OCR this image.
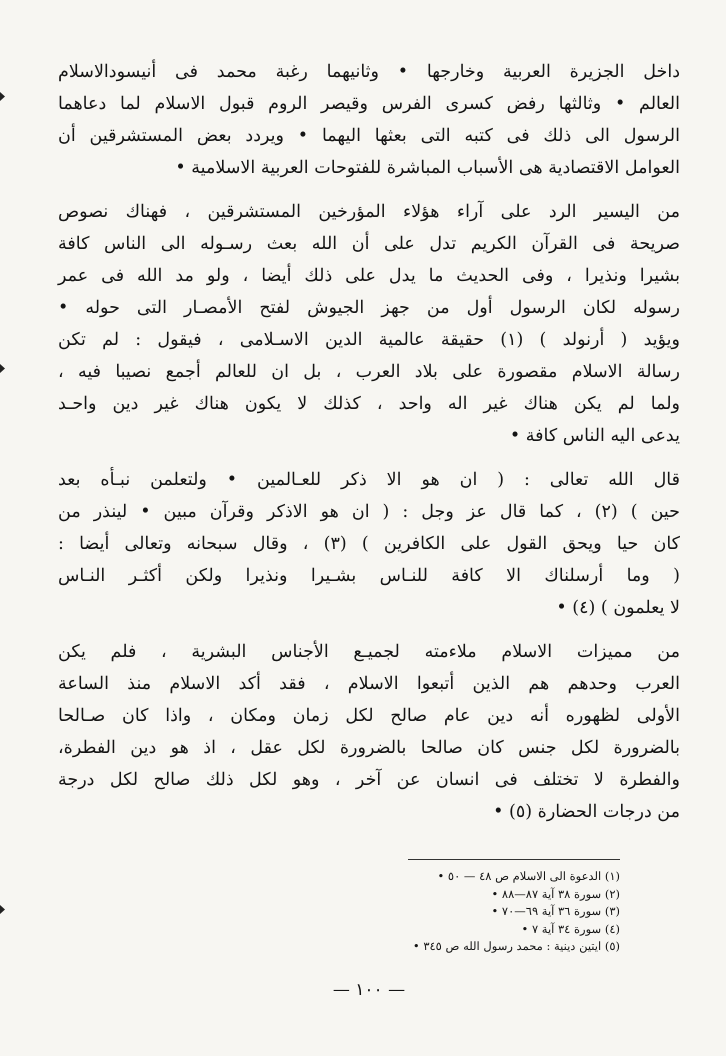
داخل الجزيرة العربية وخارجها • وثانيهما رغبة محمد فى أنيسودالاسلام
العالم • وثالثها رفض كسرى الفرس وقيصر الروم قبول الاسلام لما دعاهما
الرسول الى ذلك فى كتبه التى بعثها اليهما • ويردد بعض المستشرقين أن
العوامل الاقتصادية هى الأسباب المباشرة للفتوحات العربية الاسلامية •

من اليسير الرد على آراء هؤلاء المؤرخين المستشرقين ، فهناك نصوص
صريحة فى القرآن الكريم تدل على أن الله بعث رسـوله الى الناس كافة
بشيرا ونذيرا ، وفى الحديث ما يدل على ذلك أيضا ، ولو مد الله فى عمر
رسوله لكان الرسول أول من جهز الجيوش لفتح الأمصـار التى حوله •
ويؤيد ( أرنولد ) (١) حقيقة عالمية الدين الاسـلامى ، فيقول : لم تكن
رسالة الاسلام مقصورة على بلاد العرب ، بل ان للعالم أجمع نصيبا فيه ،
ولما لم يكن هناك غير اله واحد ، كذلك لا يكون هناك غير دين واحـد
يدعى اليه الناس كافة •

قال الله تعالى : ( ان هو الا ذكر للعـالمين • ولتعلمن نبـأه بعد
حين ) (٢) ، كما قال عز وجل : ( ان هو الاذكر وقرآن مبين • لينذر من
كان حيا ويحق القول على الكافرين ) (٣) ، وقال سبحانه وتعالى أيضا :
( وما أرسلناك الا كافة للنـاس بشـيرا ونذيرا ولكن أكثـر النـاس
لا يعلمون ) (٤) •

من مميزات الاسلام ملاءمته لجميـع الأجناس البشرية ، فلم يكن
العرب وحدهم هم الذين أتبعوا الاسلام ، فقد أكد الاسلام منذ الساعة
الأولى لظهوره أنه دين عام صالح لكل زمان ومكان ، واذا كان صـالحا
بالضرورة لكل جنس كان صالحا بالضرورة لكل عقل ، اذ هو دين الفطرة،
والفطرة لا تختلف فى انسان عن آخر ، وهو لكل ذلك صالح لكل درجة
من درجات الحضارة (٥) •

(١) الدعوة الى الاسلام ص ٤٨ — ٥٠ •
(٢) سورة ٣٨ آية ٨٧—٨٨ •
(٣) سورة ٣٦ آية ٦٩—٧٠ •
(٤) سورة ٣٤ آية ٧ •
(٥) ايتين دينية : محمد رسول الله ص ٣٤٥ •
— ١٠٠ —
